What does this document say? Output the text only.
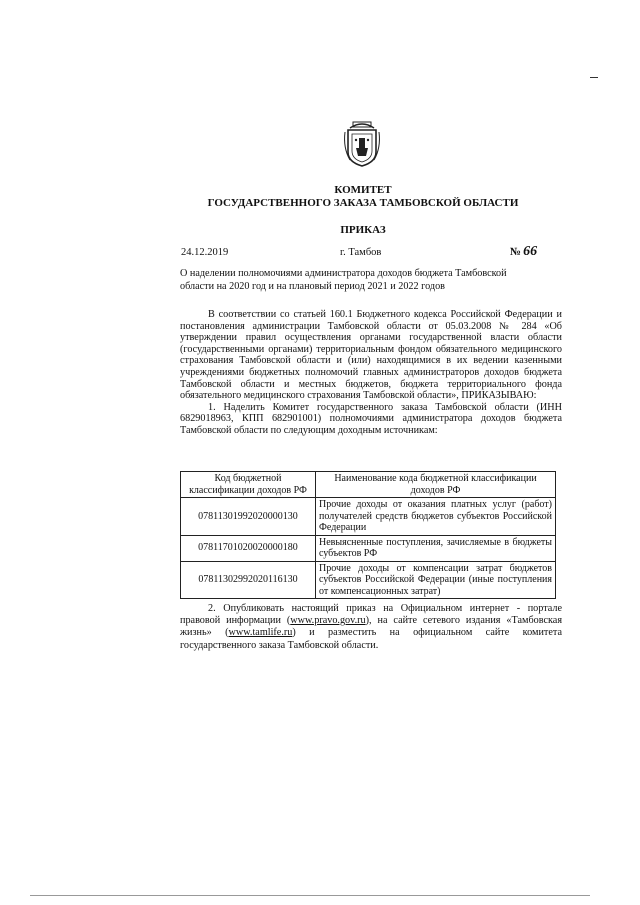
КОМИТЕТ
ГОСУДАРСТВЕННОГО ЗАКАЗА ТАМБОВСКОЙ ОБЛАСТИ
ПРИКАЗ
24.12.2019	г. Тамбов	№ 66
О наделении полномочиями администратора доходов бюджета Тамбовской
области на 2020 год и на плановый период 2021 и 2022 годов

В соответствии со статьей 160.1 Бюджетного кодекса Российской Федерации и постановления администрации Тамбовской области от 05.03.2008 № 284 «Об утверждении правил осуществления органами государственной власти области (государственными органами) территориальным фондом обязательного медицинского страхования Тамбовской области и (или) находящимися в их ведении казенными учреждениями бюджетных полномочий главных администраторов доходов бюджета Тамбовской области и местных бюджетов, бюджета территориального фонда обязательного медицинского страхования Тамбовской области», ПРИКАЗЫВАЮ:

1. Наделить Комитет государственного заказа Тамбовской области (ИНН 6829018963, КПП 682901001) полномочиями администратора доходов бюджета Тамбовской области по следующим доходным источникам:

Код бюджетной классификации доходов РФ	Наименование кода бюджетной классификации доходов РФ
07811301992020000130	Прочие доходы от оказания платных услуг (работ) получателей средств бюджетов субъектов Российской Федерации
07811701020020000180	Невыясненные поступления, зачисляемые в бюджеты субъектов РФ
07811302992020116130	Прочие доходы от компенсации затрат бюджетов субъектов Российской Федерации (иные поступления от компенсационных затрат)

2. Опубликовать настоящий приказ на Официальном интернет - портале правовой информации (www.pravo.gov.ru), на сайте сетевого издания «Тамбовская жизнь» (www.tamlife.ru) и разместить на официальном сайте комитета государственного заказа Тамбовской области.
